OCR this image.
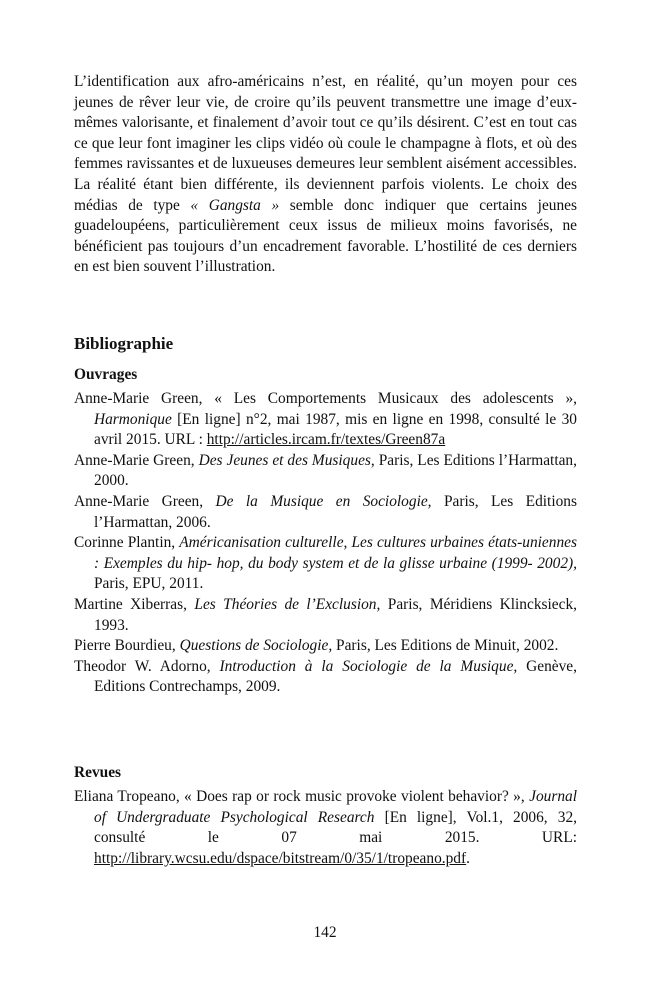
L’identification aux afro-américains n’est, en réalité, qu’un moyen pour ces jeunes de rêver leur vie, de croire qu’ils peuvent transmettre une image d’eux-mêmes valorisante, et finalement d’avoir tout ce qu’ils désirent. C’est en tout cas ce que leur font imaginer les clips vidéo où coule le champagne à flots, et où des femmes ravissantes et de luxueuses demeures leur semblent aisément accessibles. La réalité étant bien différente, ils deviennent parfois violents. Le choix des médias de type « Gangsta » semble donc indiquer que certains jeunes guadeloupéens, particulièrement ceux issus de milieux moins favorisés, ne bénéficient pas toujours d’un encadrement favorable. L’hostilité de ces derniers en est bien souvent l’illustration.

Bibliographie
Ouvrages
Anne-Marie Green, « Les Comportements Musicaux des adolescents », Harmonique [En ligne] n°2, mai 1987, mis en ligne en 1998, consulté le 30 avril 2015. URL : http://articles.ircam.fr/textes/Green87a
Anne-Marie Green, Des Jeunes et des Musiques, Paris, Les Editions l’Harmattan, 2000.
Anne-Marie Green, De la Musique en Sociologie, Paris, Les Editions l’Harmattan, 2006.
Corinne Plantin, Américanisation culturelle, Les cultures urbaines états-uniennes : Exemples du hip- hop, du body system et de la glisse urbaine (1999- 2002), Paris, EPU, 2011.
Martine Xiberras, Les Théories de l’Exclusion, Paris, Méridiens Klincksieck, 1993.
Pierre Bourdieu, Questions de Sociologie, Paris, Les Editions de Minuit, 2002.
Theodor W. Adorno, Introduction à la Sociologie de la Musique, Genève, Editions Contrechamps, 2009.
Revues
Eliana Tropeano, « Does rap or rock music provoke violent behavior? », Journal of Undergraduate Psychological Research [En ligne], Vol.1, 2006, 32, consulté le 07 mai 2015. URL: http://library.wcsu.edu/dspace/bitstream/0/35/1/tropeano.pdf.
142
